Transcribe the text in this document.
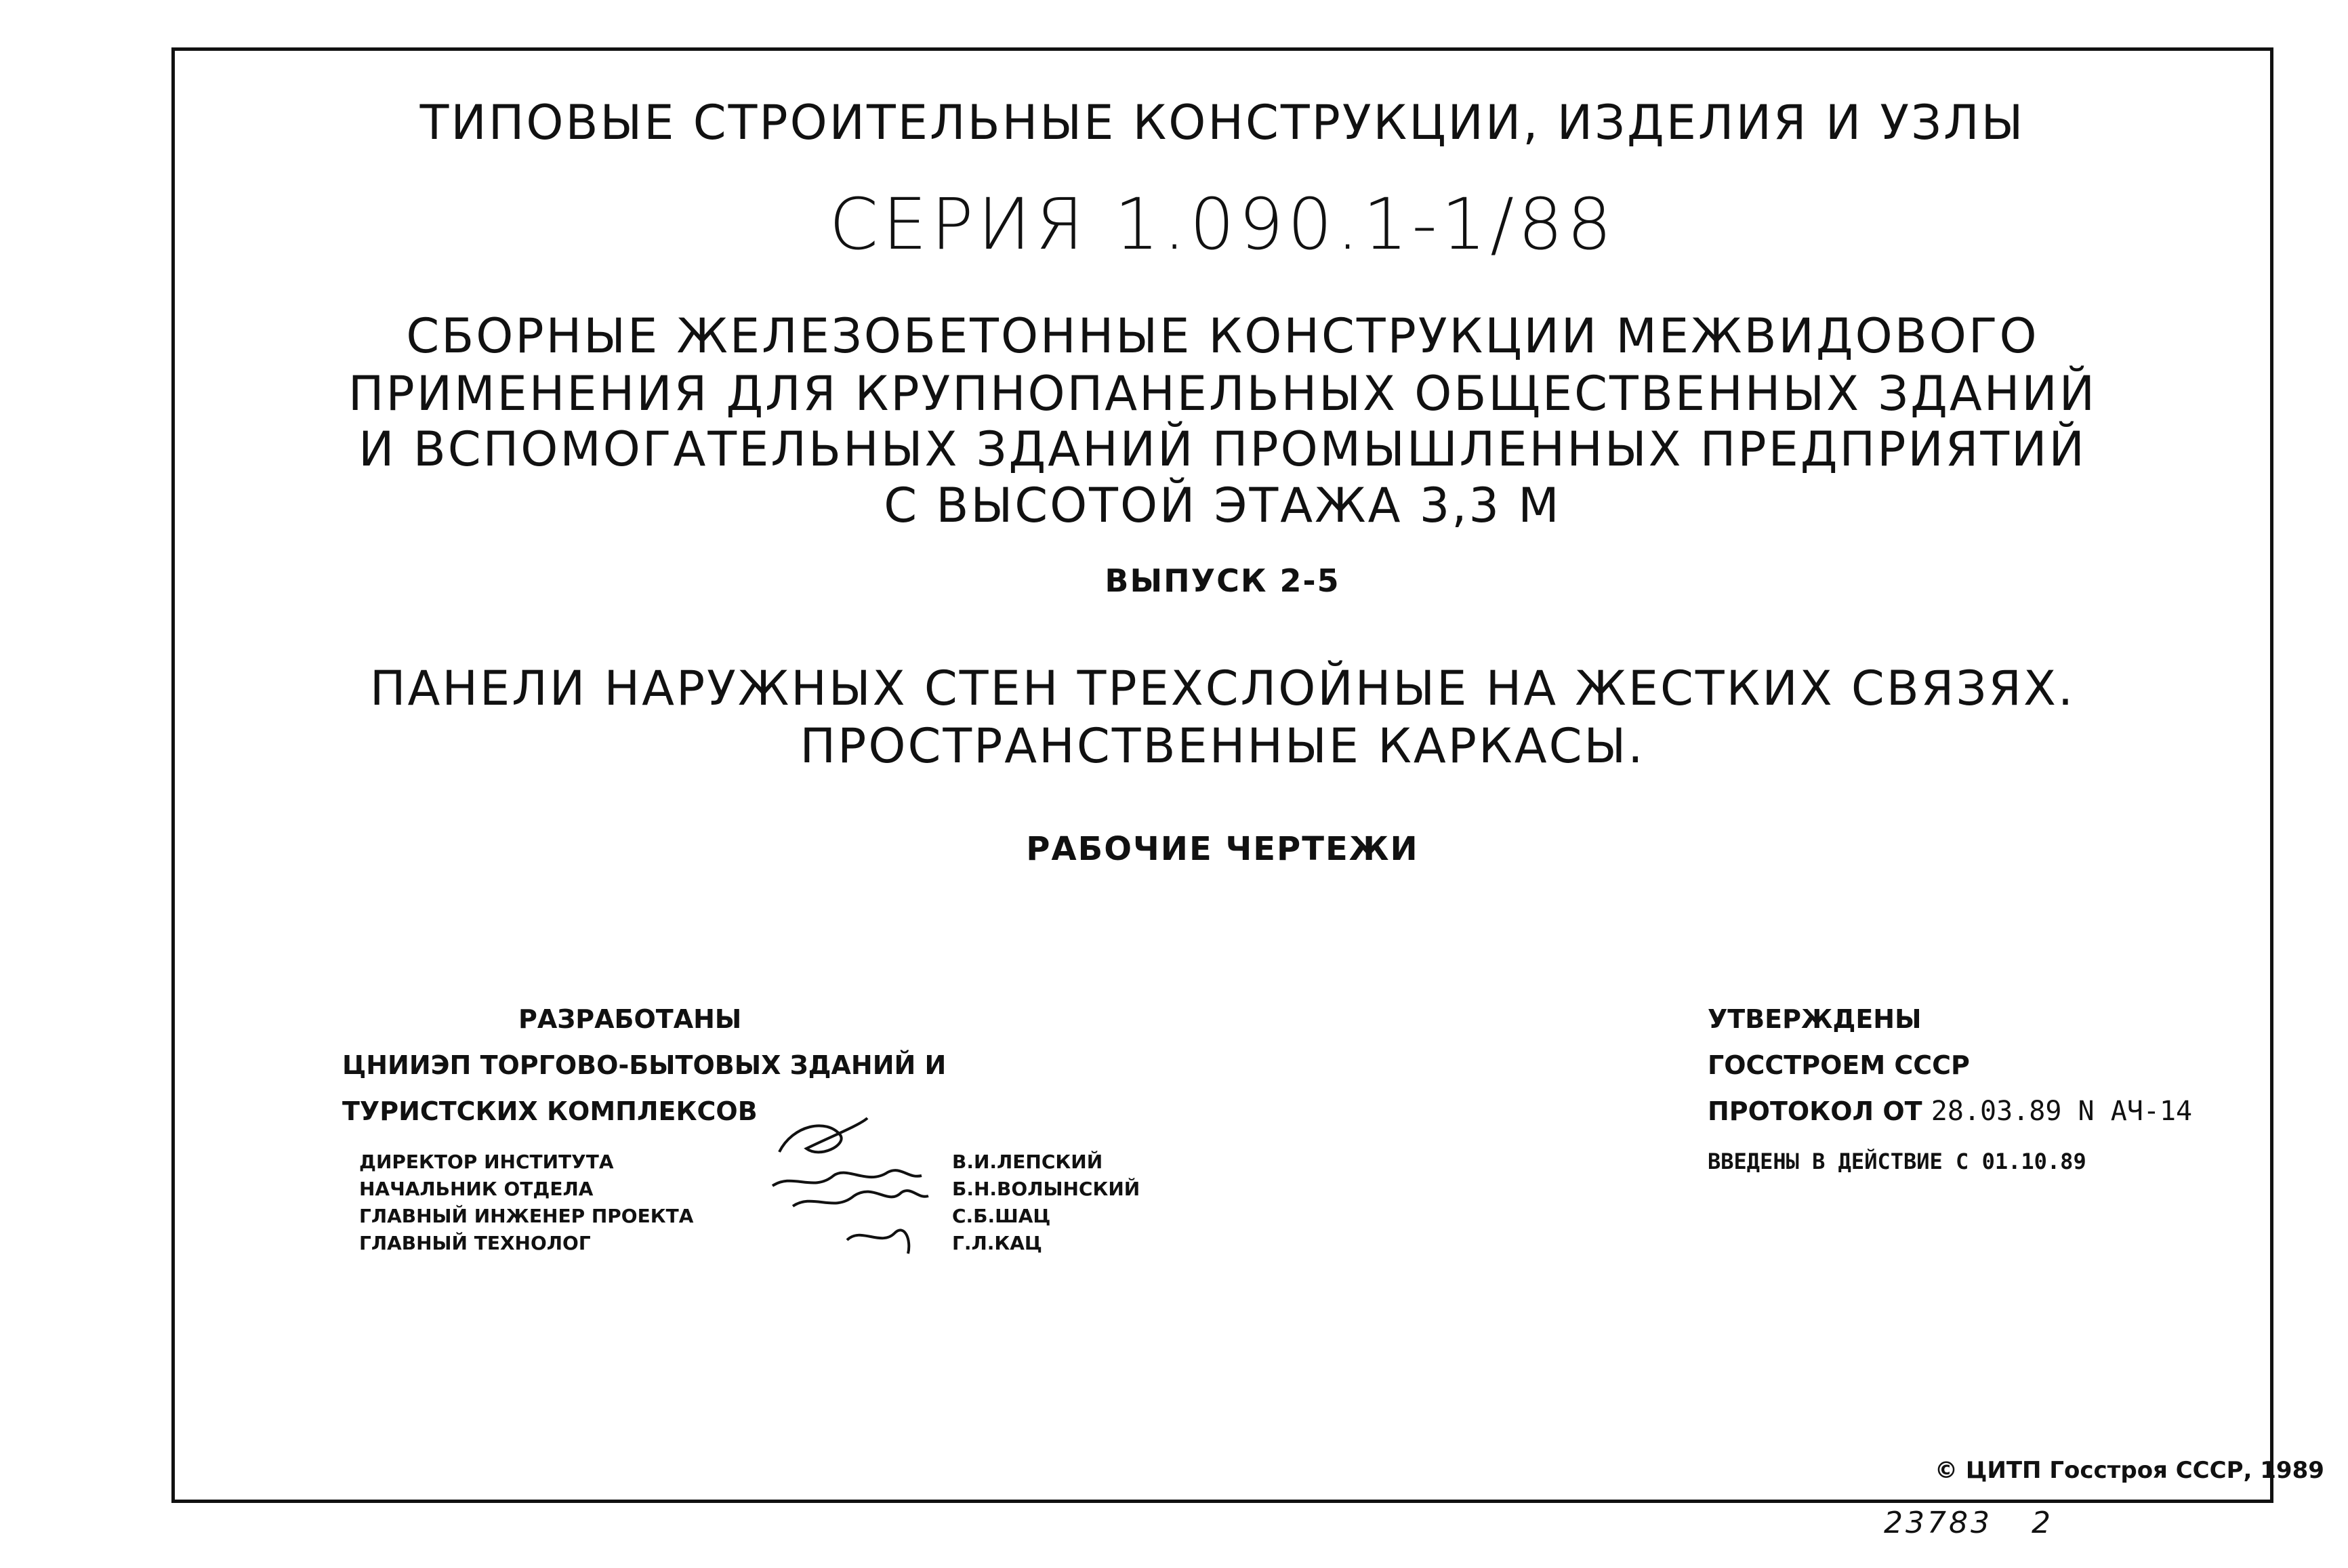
ТИПОВЫЕ СТРОИТЕЛЬНЫЕ КОНСТРУКЦИИ, ИЗДЕЛИЯ И УЗЛЫ
СЕРИЯ 1.090.1-1/88
СБОРНЫЕ ЖЕЛЕЗОБЕТОННЫЕ КОНСТРУКЦИИ МЕЖВИДОВОГО
ПРИМЕНЕНИЯ ДЛЯ КРУПНОПАНЕЛЬНЫХ ОБЩЕСТВЕННЫХ ЗДАНИЙ
И ВСПОМОГАТЕЛЬНЫХ ЗДАНИЙ ПРОМЫШЛЕННЫХ ПРЕДПРИЯТИЙ
С ВЫСОТОЙ ЭТАЖА 3,3 М
ВЫПУСК 2-5
ПАНЕЛИ НАРУЖНЫХ СТЕН ТРЕХСЛОЙНЫЕ НА ЖЕСТКИХ СВЯЗЯХ.
ПРОСТРАНСТВЕННЫЕ КАРКАСЫ.
РАБОЧИЕ ЧЕРТЕЖИ
РАЗРАБОТАНЫ
ЦНИИЭП ТОРГОВО-БЫТОВЫХ ЗДАНИЙ И
ТУРИСТСКИХ КОМПЛЕКСОВ
ДИРЕКТОР ИНСТИТУТА
НАЧАЛЬНИК ОТДЕЛА
ГЛАВНЫЙ ИНЖЕНЕР ПРОЕКТА
ГЛАВНЫЙ ТЕХНОЛОГ
В.И.ЛЕПСКИЙ
Б.Н.ВОЛЫНСКИЙ
С.Б.ШАЦ
Г.Л.КАЦ
УТВЕРЖДЕНЫ
ГОССТРОЕМ СССР
ПРОТОКОЛ ОТ 28.03.89 N АЧ-14
ВВЕДЕНЫ В ДЕЙСТВИЕ С 01.10.89
© ЦИТП Госстроя СССР, 1989
23783 2
